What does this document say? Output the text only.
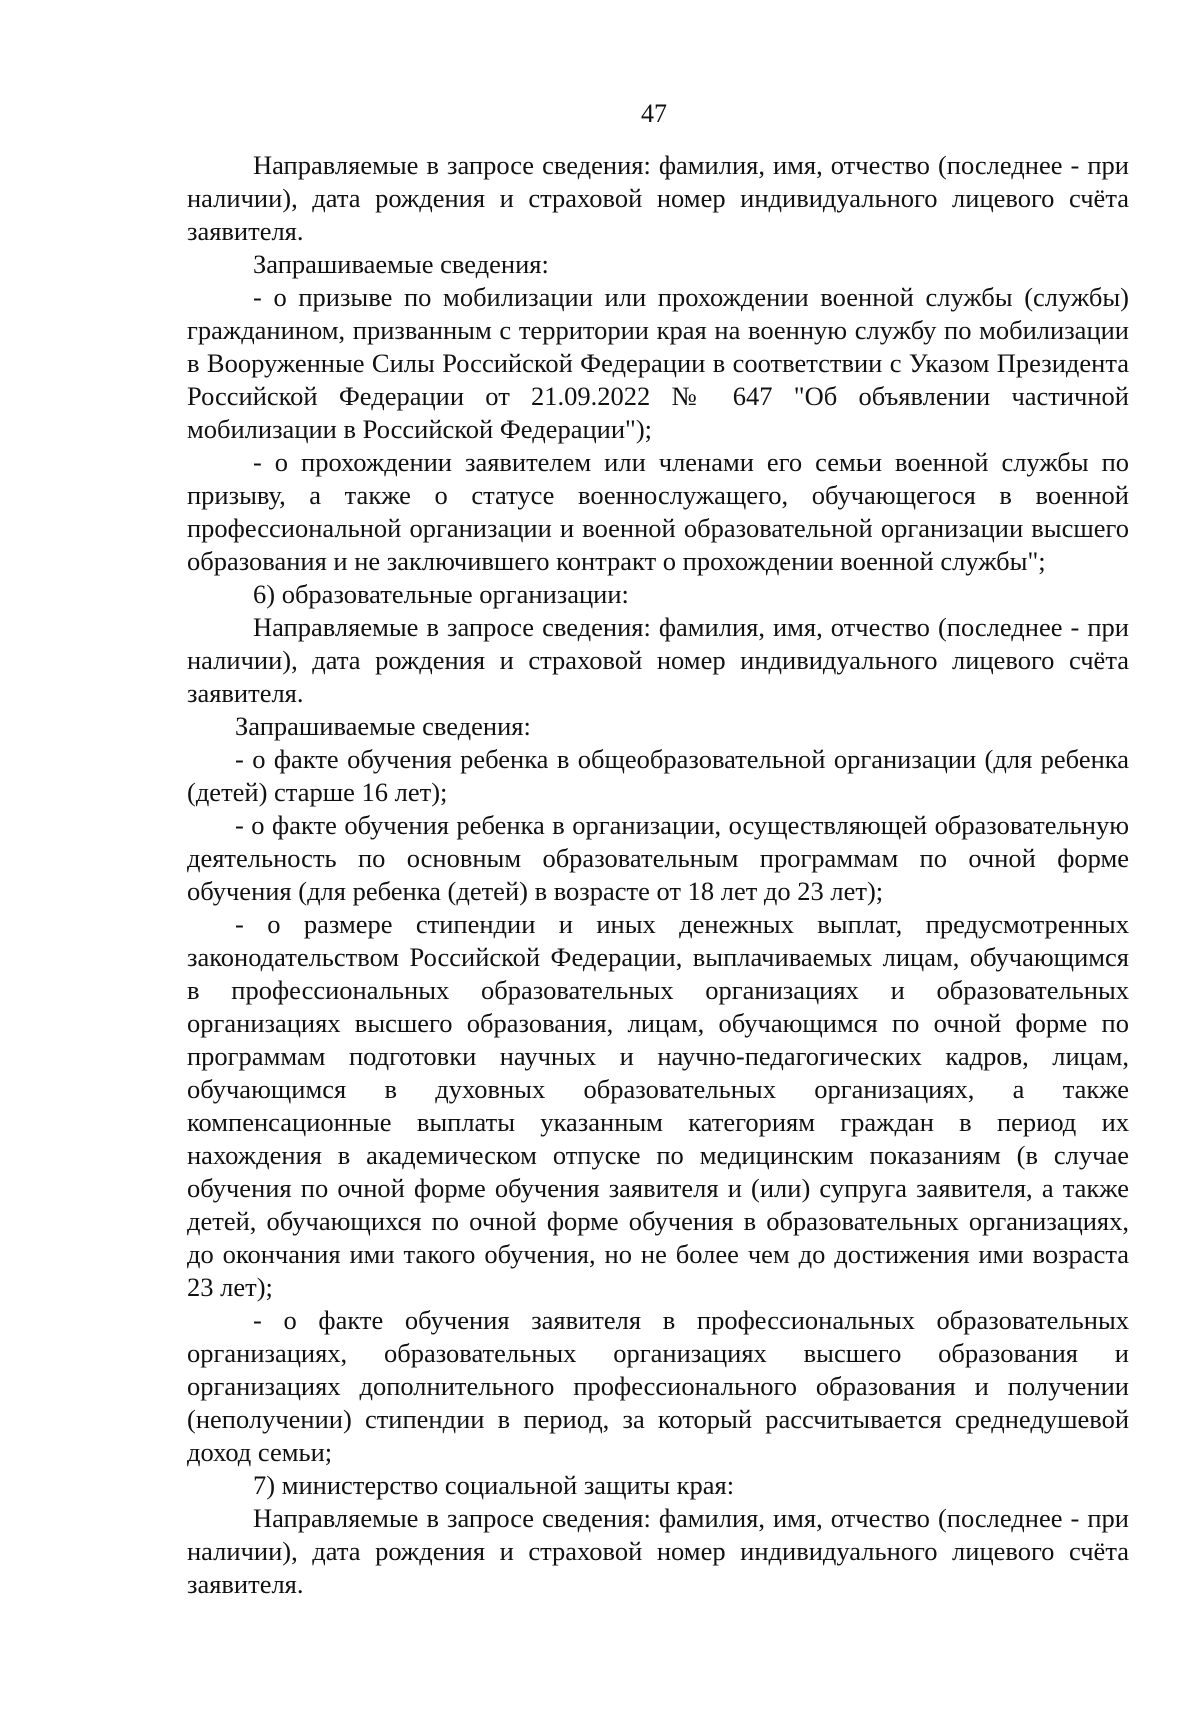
47

Направляемые в запросе сведения: фамилия, имя, отчество (последнее - при наличии), дата рождения и страховой номер индивидуального лицевого счёта заявителя.

Запрашиваемые сведения:

- о призыве по мобилизации или прохождении военной службы (службы) гражданином, призванным с территории края на военную службу по мобилизации в Вооруженные Силы Российской Федерации в соответствии с Указом Президента Российской Федерации от 21.09.2022 № 647 "Об объявлении частичной мобилизации в Российской Федерации");

- о прохождении заявителем или членами его семьи военной службы по призыву, а также о статусе военнослужащего, обучающегося в военной профессиональной организации и военной образовательной организации высшего образования и не заключившего контракт о прохождении военной службы";

6) образовательные организации:

Направляемые в запросе сведения: фамилия, имя, отчество (последнее - при наличии), дата рождения и страховой номер индивидуального лицевого счёта заявителя.

Запрашиваемые сведения:

- о факте обучения ребенка в общеобразовательной организации (для ребенка (детей) старше 16 лет);

- о факте обучения ребенка в организации, осуществляющей образовательную деятельность по основным образовательным программам по очной форме обучения (для ребенка (детей) в возрасте от 18 лет до 23 лет);

- о размере стипендии и иных денежных выплат, предусмотренных законодательством Российской Федерации, выплачиваемых лицам, обучающимся в профессиональных образовательных организациях и образовательных организациях высшего образования, лицам, обучающимся по очной форме по программам подготовки научных и научно-педагогических кадров, лицам, обучающимся в духовных образовательных организациях, а также компенсационные выплаты указанным категориям граждан в период их нахождения в академическом отпуске по медицинским показаниям (в случае обучения по очной форме обучения заявителя и (или) супруга заявителя, а также детей, обучающихся по очной форме обучения в образовательных организациях, до окончания ими такого обучения, но не более чем до достижения ими возраста 23 лет);

- о факте обучения заявителя в профессиональных образовательных организациях, образовательных организациях высшего образования и организациях дополнительного профессионального образования и получении (неполучении) стипендии в период, за который рассчитывается среднедушевой доход семьи;

7) министерство социальной защиты края:

Направляемые в запросе сведения: фамилия, имя, отчество (последнее - при наличии), дата рождения и страховой номер индивидуального лицевого счёта заявителя.
